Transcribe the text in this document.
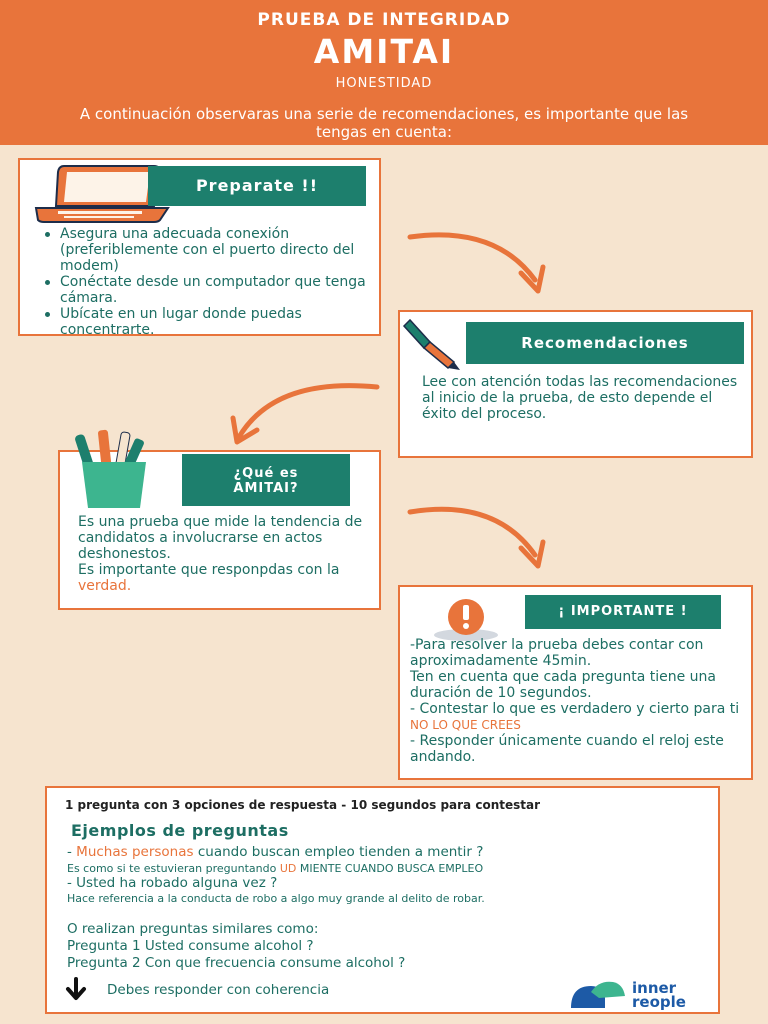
PRUEBA DE INTEGRIDAD
AMITAI
HONESTIDAD
A continuación observaras una serie de recomendaciones, es importante que las tengas en cuenta:
Preparate !!
Asegura una adecuada conexión (preferiblemente con el puerto directo del modem)
Conéctate desde un computador que tenga cámara.
Ubícate en un lugar donde puedas concentrarte.
Recomendaciones
Lee con atención todas las recomendaciones al inicio de la prueba, de esto depende el éxito del proceso.
¿Qué es
AMITAI?
Es una prueba que mide la tendencia de candidatos a involucrarse en actos deshonestos.
Es importante que responpdas con la verdad.
¡ IMPORTANTE !
-Para resolver la prueba debes contar con aproximadamente 45min.
Ten en cuenta que cada pregunta tiene una duración de 10 segundos.
- Contestar lo que es verdadero y cierto para ti NO LO QUE CREES
- Responder únicamente cuando el reloj este andando.
1 pregunta con 3 opciones de respuesta - 10 segundos para contestar
Ejemplos de preguntas
- Muchas personas cuando buscan empleo tienden a mentir ?
Es como si te estuvieran preguntando UD MIENTE CUANDO BUSCA EMPLEO
- Usted ha robado alguna vez ?
Hace referencia a la conducta de robo a algo muy grande al delito de robar.
O realizan preguntas similares como:
Pregunta 1 Usted consume alcohol ?
Pregunta 2 Con que frecuencia consume alcohol ?
Debes responder con coherencia	inner
reople
